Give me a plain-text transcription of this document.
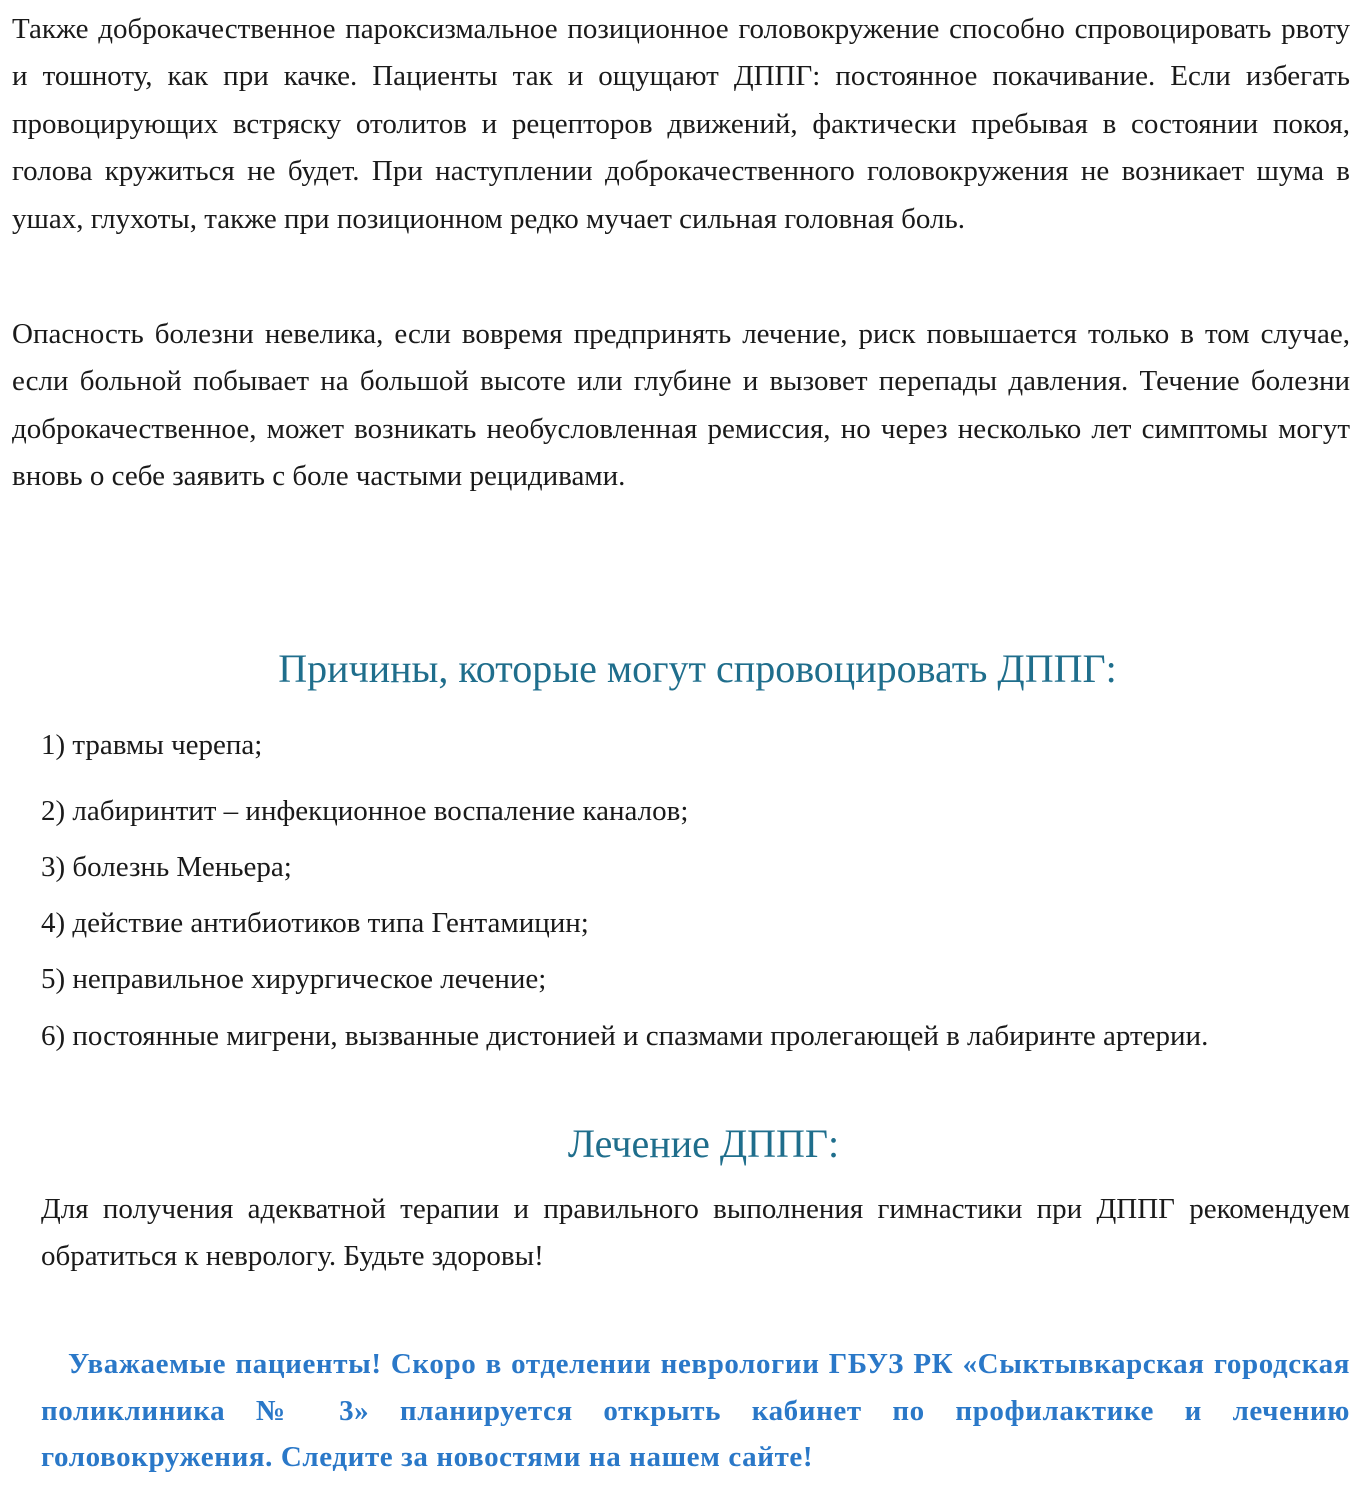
Также доброкачественное пароксизмальное позиционное головокружение способно спровоцировать рвоту и тошноту, как при качке. Пациенты так и ощущают ДППГ: постоянное покачивание. Если избегать провоцирующих встряску отолитов и рецепторов движений, фактически пребывая в состоянии покоя, голова кружиться не будет. При наступлении доброкачественного головокружения не возникает шума в ушах, глухоты, также при позиционном редко мучает сильная головная боль.

Опасность болезни невелика, если вовремя предпринять лечение, риск повышается только в том случае, если больной побывает на большой высоте или глубине и вызовет перепады давления. Течение болезни доброкачественное, может возникать необусловленная ремиссия, но через несколько лет симптомы могут вновь о себе заявить с боле частыми рецидивами.

Причины, которые могут спровоцировать ДППГ:
1) травмы черепа;
2) лабиринтит – инфекционное воспаление каналов;
3) болезнь Меньера;
4) действие антибиотиков типа Гентамицин;
5) неправильное хирургическое лечение;
6) постоянные мигрени, вызванные дистонией и спазмами пролегающей в лабиринте артерии.
Лечение ДППГ:

Для получения адекватной терапии и правильного выполнения гимнастики при ДППГ рекомендуем обратиться к неврологу. Будьте здоровы!

Уважаемые пациенты! Скоро в отделении неврологии ГБУЗ РК «Сыктывкарская городская поликлиника № 3» планируется открыть кабинет по профилактике и лечению головокружения. Следите за новостями на нашем сайте!
